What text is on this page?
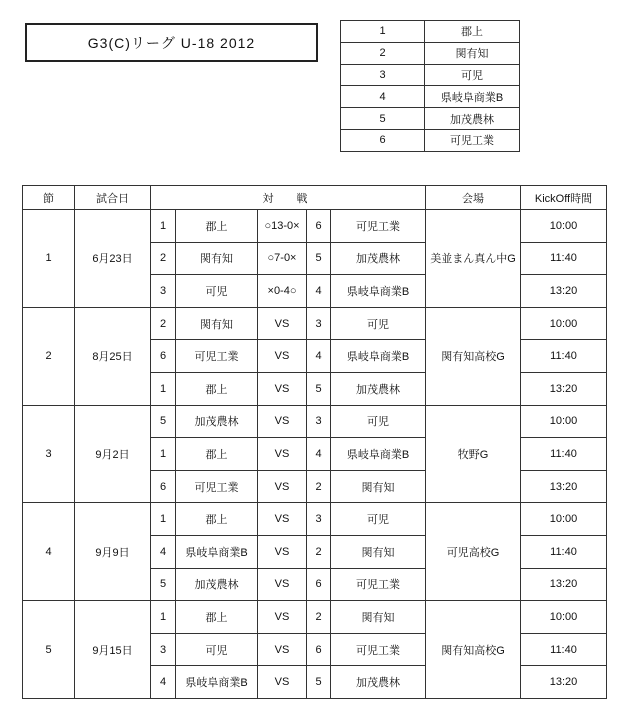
G3(C)リーグ U-18 2012
1	郡上
2	関有知
3	可児
4	県岐阜商業B
5	加茂農林
6	可児工業
節	試合日	対　戦					会場	KickOff時間
1	6月23日	1	郡上	○13-0×	6	可児工業	美並まん真ん中G	10:00
		2	関有知	○7-0×	5	加茂農林		11:40
		3	可児	×0-4○	4	県岐阜商業B		13:20
2	8月25日	2	関有知	VS	3	可児	関有知高校G	10:00
		6	可児工業	VS	4	県岐阜商業B		11:40
		1	郡上	VS	5	加茂農林		13:20
3	9月2日	5	加茂農林	VS	3	可児	牧野G	10:00
		1	郡上	VS	4	県岐阜商業B		11:40
		6	可児工業	VS	2	関有知		13:20
4	9月9日	1	郡上	VS	3	可児	可児高校G	10:00
		4	県岐阜商業B	VS	2	関有知		11:40
		5	加茂農林	VS	6	可児工業		13:20
5	9月15日	1	郡上	VS	2	関有知	関有知高校G	10:00
		3	可児	VS	6	可児工業		11:40
		4	県岐阜商業B	VS	5	加茂農林		13:20
